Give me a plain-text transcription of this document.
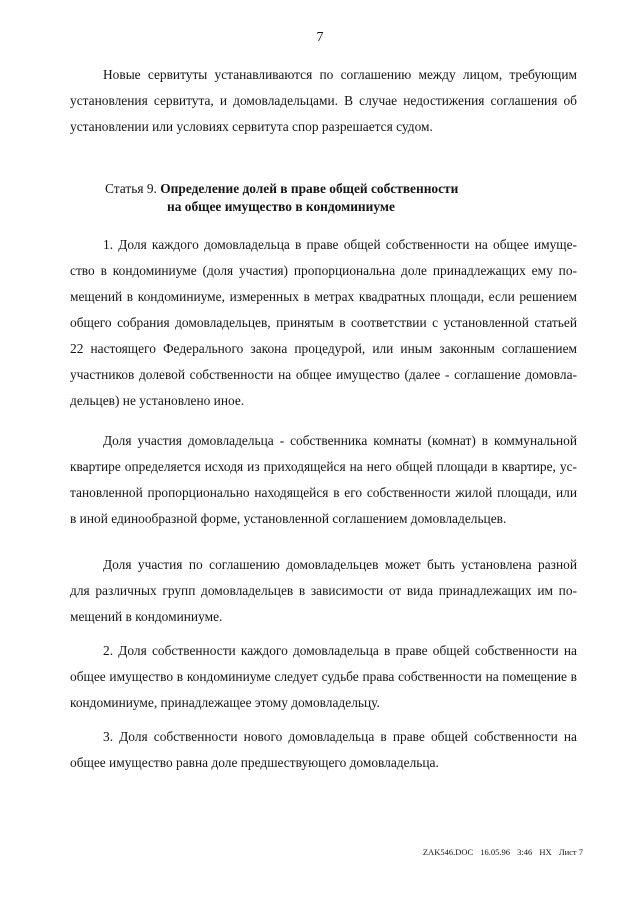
7
Новые сервитуты устанавливаются по соглашению между лицом, требующим
установления сервитута, и домовладельцами. В случае недостижения соглашения об
установлении или условиях сервитута спор разрешается судом.
Статья 9. Определение долей в праве общей собственности
на общее имущество в кондоминиуме
1. Доля каждого домовладельца в праве общей собственности на общее имуще-
ство в кондоминиуме (доля участия) пропорциональна доле принадлежащих ему по-
мещений в кондоминиуме, измеренных в метрах квадратных площади, если решением
общего собрания домовладельцев, принятым в соответствии с установленной статьей
22 настоящего Федерального закона процедурой, или иным законным соглашением
участников долевой собственности на общее имущество (далее - соглашение домовла-
дельцев) не установлено иное.
Доля участия домовладельца - собственника комнаты (комнат) в коммунальной
квартире определяется исходя из приходящейся на него общей площади в квартире, ус-
тановленной пропорционально находящейся в его собственности жилой площади, или
в иной единообразной форме, установленной соглашением домовладельцев.
Доля участия по соглашению домовладельцев может быть установлена разной
для различных групп домовладельцев в зависимости от вида принадлежащих им по-
мещений в кондоминиуме.
2. Доля собственности каждого домовладельца в праве общей собственности на
общее имущество в кондоминиуме следует судьбе права собственности на помещение в
кондоминиуме, принадлежащее этому домовладельцу.
3. Доля собственности нового домовладельца в праве общей собственности на
общее имущество равна доле предшествующего домовладельца.
ZAK546.DOC 16.05.96 3:46 НХ Лист 7
